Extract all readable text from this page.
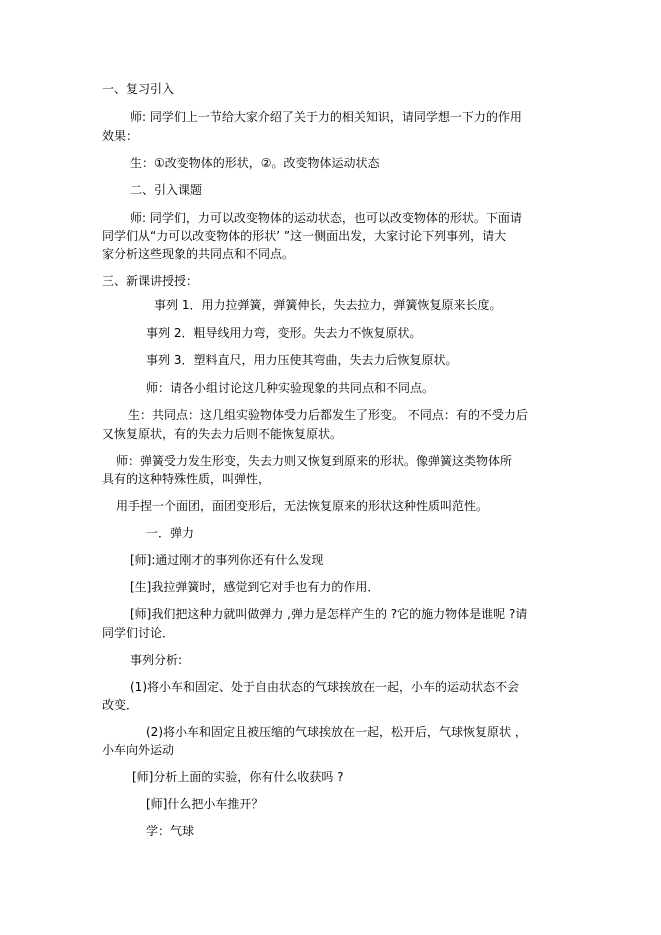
一、复习引入
师: 同学们上一节给大家介绍了关于力的相关知识，请同学想一下力的作用
效果：
生：①改变物体的形状，②。改变物体运动状态
二、引入课题
师: 同学们，力可以改变物体的运动状态，也可以改变物体的形状。下面请
同学们从“力可以改变物体的形状’ ”这一侧面出发，大家讨论下列事列，请大
家分析这些现象的共同点和不同点。
三、新课讲授授：
事列 1．用力拉弹簧，弹簧伸长，失去拉力，弹簧恢复原来长度。
事列 2．粗导线用力弯，变形。失去力不恢复原状。
事列 3．塑料直尺，用力压使其弯曲，失去力后恢复原状。
师：请各小组讨论这几种实验现象的共同点和不同点。
生：共同点：这几组实验物体受力后都发生了形变。 不同点：有的不受力后
又恢复原状，有的失去力后则不能恢复原状。
师：弹簧受力发生形变，失去力则又恢复到原来的形状。像弹簧这类物体所
具有的这种特殊性质，叫弹性，
用手捏一个面团，面团变形后，无法恢复原来的形状这种性质叫范性。
一．弹力
[师]:通过刚才的事列你还有什么发现
[生]我拉弹簧时，感觉到它对手也有力的作用．
[师]我们把这种力就叫做弹力 ,弹力是怎样产生的 ?它的施力物体是谁呢 ?请
同学们讨论．
事列分析:
(1)将小车和固定、处于自由状态的气球挨放在一起，小车的运动状态不会
改变．
(2)将小车和固定且被压缩的气球挨放在一起，松开后，气球恢复原状 ，
小车向外运动
[师]分析上面的实验，你有什么收获吗 ?
[师]什么把小车推开？
学：气球
